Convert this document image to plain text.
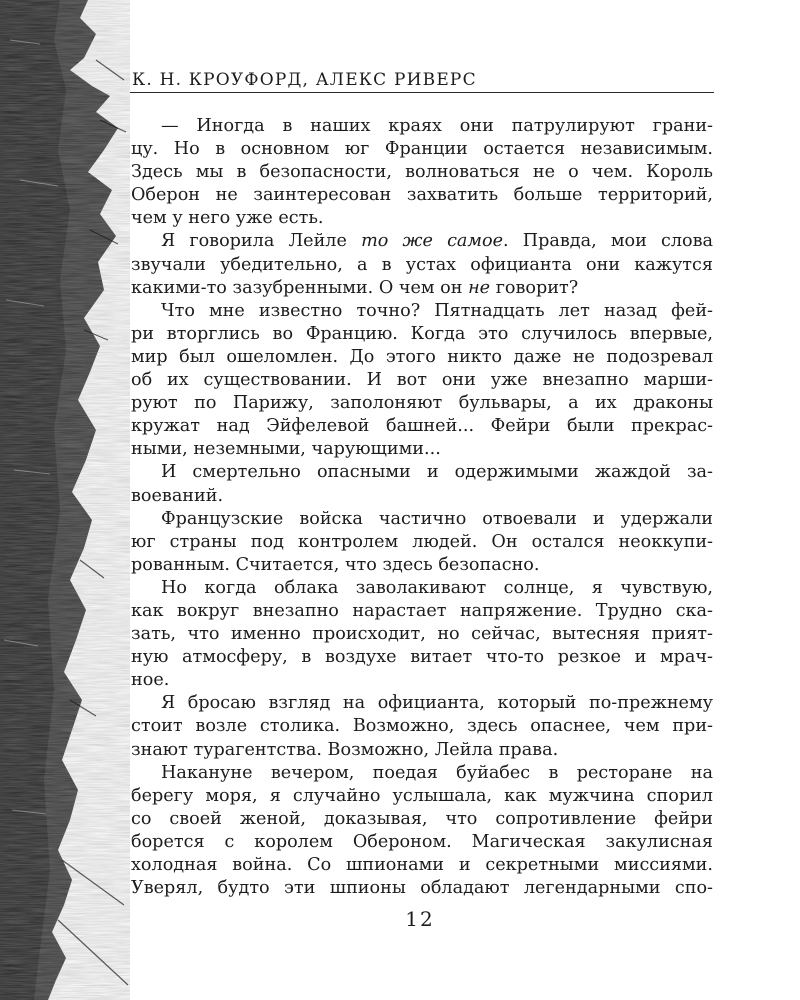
К. Н. КРОУФОРД, АЛЕКС РИВЕРС
— Иногда в наших краях они патрулируют грани-
цу. Но в основном юг Франции остается независимым.
Здесь мы в безопасности, волноваться не о чем. Король
Оберон не заинтересован захватить больше территорий,
чем у него уже есть.
Я говорила Лейле то же самое. Правда, мои слова
звучали убедительно, а в устах официанта они кажутся
какими-то зазубренными. О чем он не говорит?
Что мне известно точно? Пятнадцать лет назад фей-
ри вторглись во Францию. Когда это случилось впервые,
мир был ошеломлен. До этого никто даже не подозревал
об их существовании. И вот они уже внезапно марши-
руют по Парижу, заполоняют бульвары, а их драконы
кружат над Эйфелевой башней... Фейри были прекрас-
ными, неземными, чарующими...
И смертельно опасными и одержимыми жаждой за-
воеваний.
Французские войска частично отвоевали и удержали
юг страны под контролем людей. Он остался неоккупи-
рованным. Считается, что здесь безопасно.
Но когда облака заволакивают солнце, я чувствую,
как вокруг внезапно нарастает напряжение. Трудно ска-
зать, что именно происходит, но сейчас, вытесняя прият-
ную атмосферу, в воздухе витает что-то резкое и мрач-
ное.
Я бросаю взгляд на официанта, который по-прежнему
стоит возле столика. Возможно, здесь опаснее, чем при-
знают турагентства. Возможно, Лейла права.
Накануне вечером, поедая буйабес в ресторане на
берегу моря, я случайно услышала, как мужчина спорил
со своей женой, доказывая, что сопротивление фейри
борется с королем Обероном. Магическая закулисная
холодная война. Со шпионами и секретными миссиями.
Уверял, будто эти шпионы обладают легендарными спо-
12
